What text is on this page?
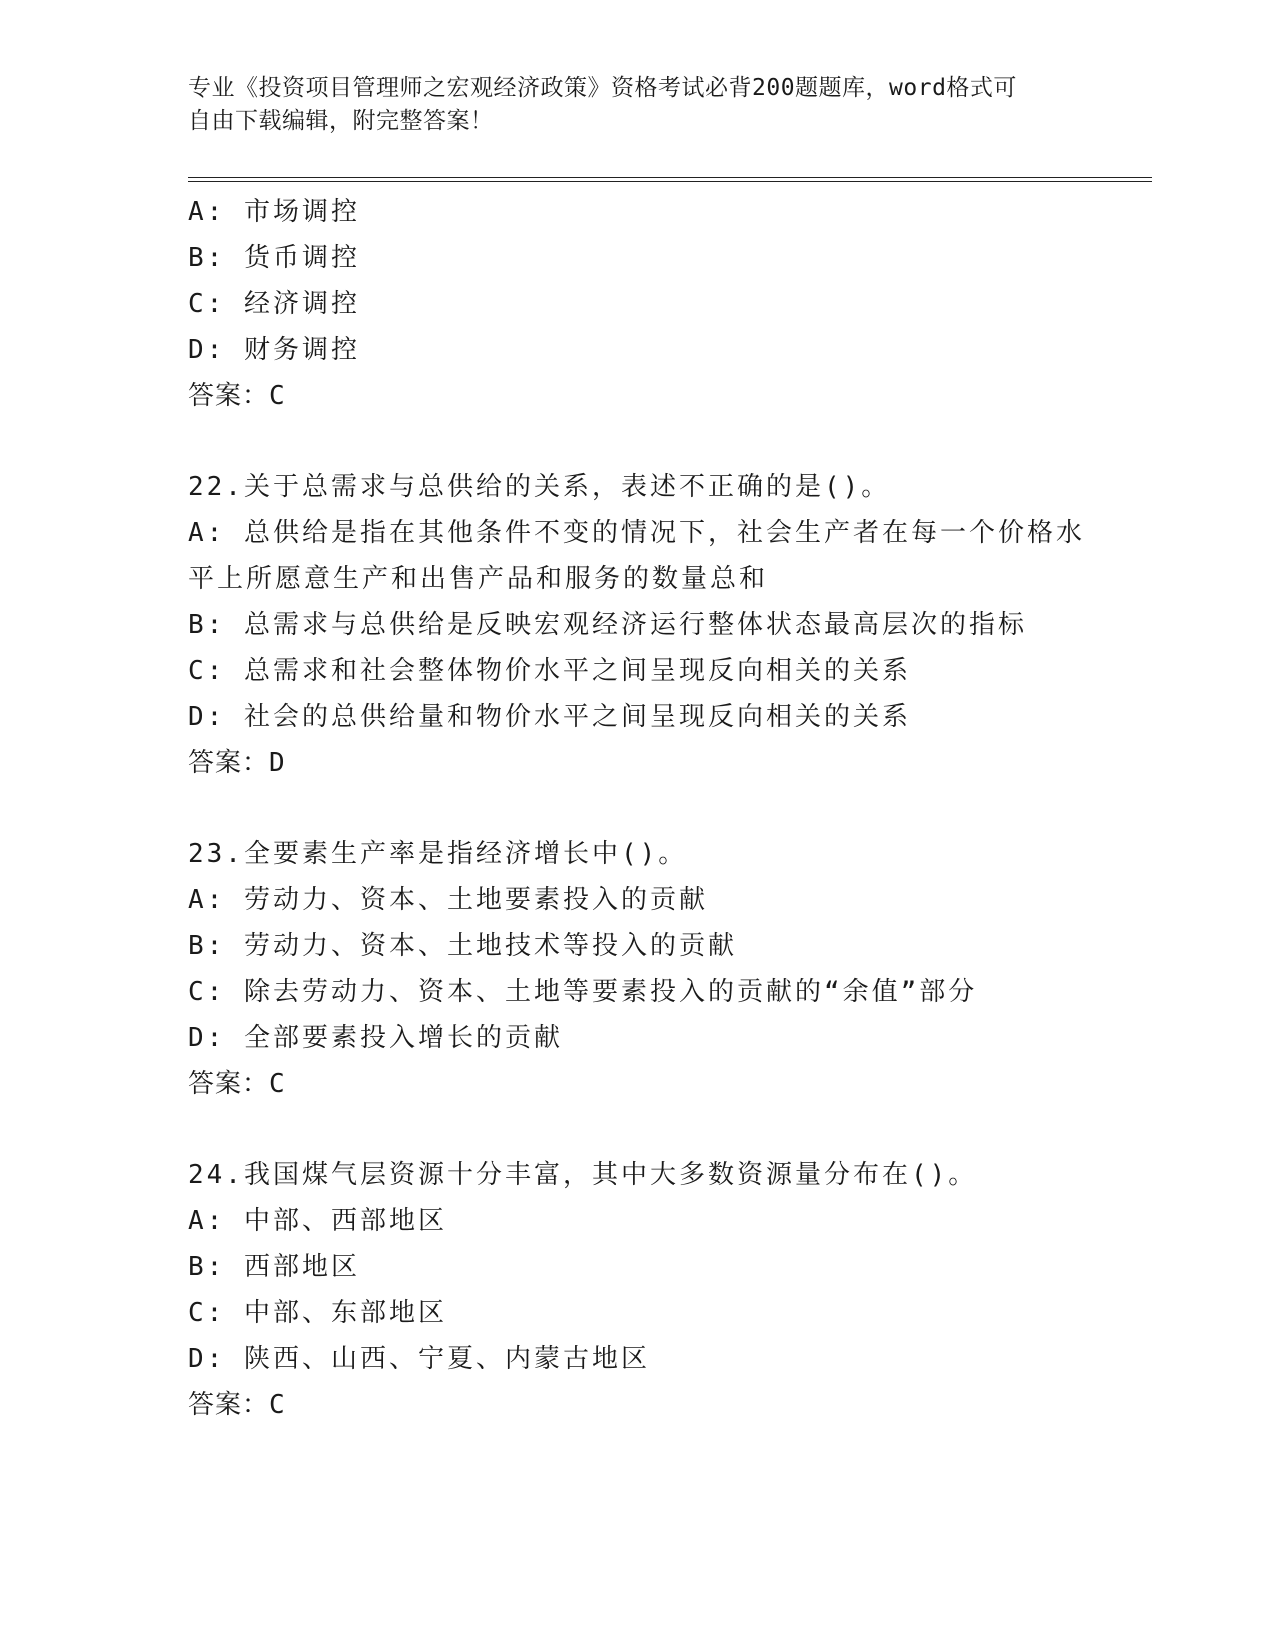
专业《投资项目管理师之宏观经济政策》资格考试必背200题题库，word格式可
自由下载编辑，附完整答案！
A: 市场调控
B: 货币调控
C: 经济调控
D: 财务调控
答案：C
22.关于总需求与总供给的关系，表述不正确的是()。
A: 总供给是指在其他条件不变的情况下，社会生产者在每一个价格水
平上所愿意生产和出售产品和服务的数量总和
B: 总需求与总供给是反映宏观经济运行整体状态最高层次的指标
C: 总需求和社会整体物价水平之间呈现反向相关的关系
D: 社会的总供给量和物价水平之间呈现反向相关的关系
答案：D
23.全要素生产率是指经济增长中()。
A: 劳动力、资本、土地要素投入的贡献
B: 劳动力、资本、土地技术等投入的贡献
C: 除去劳动力、资本、土地等要素投入的贡献的“余值”部分
D: 全部要素投入增长的贡献
答案：C
24.我国煤气层资源十分丰富，其中大多数资源量分布在()。
A: 中部、西部地区
B: 西部地区
C: 中部、东部地区
D: 陕西、山西、宁夏、内蒙古地区
答案：C
